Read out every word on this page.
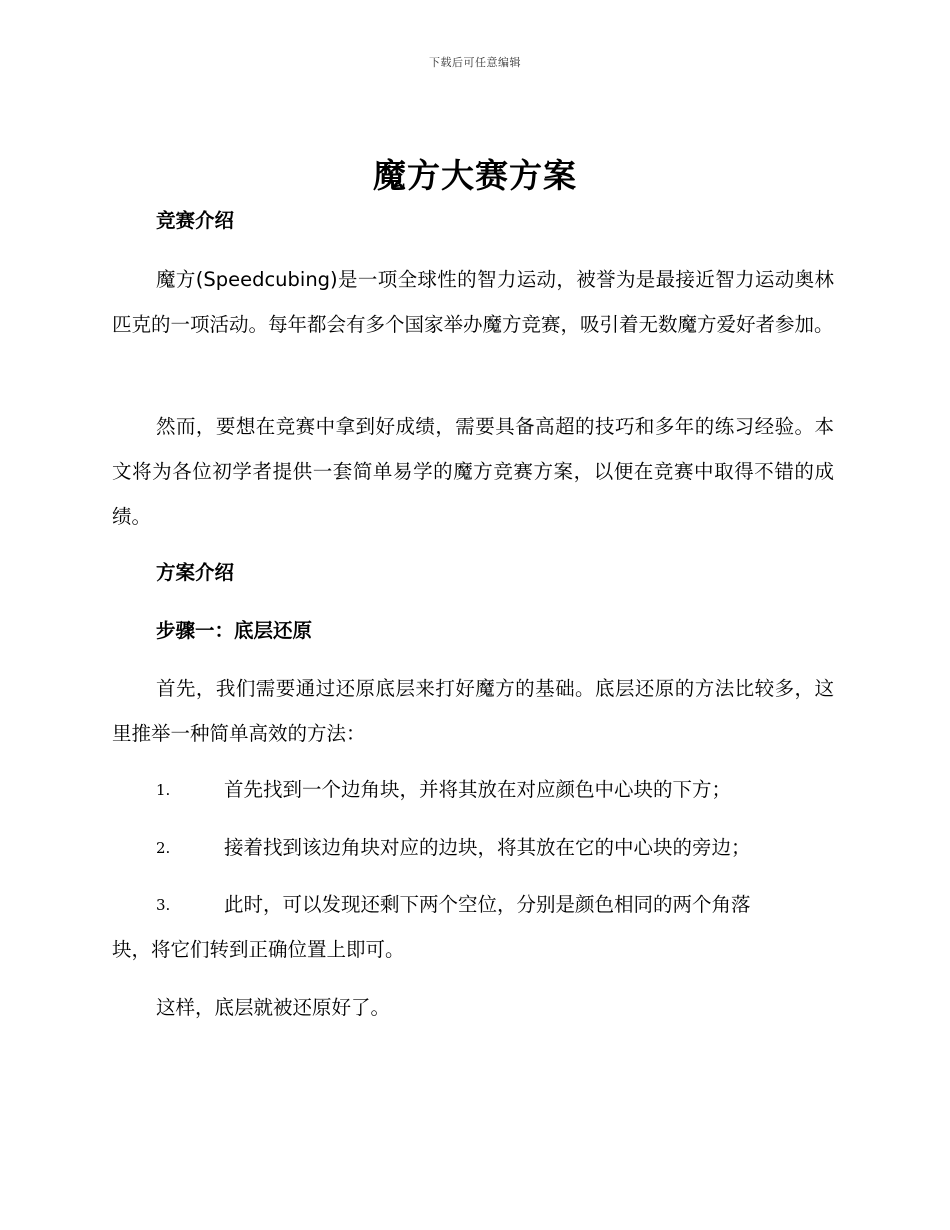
下载后可任意编辑
魔方大赛方案
竞赛介绍
魔方(Speedcubing)是一项全球性的智力运动，被誉为是最接近智力运动奥林匹克的一项活动。每年都会有多个国家举办魔方竞赛，吸引着无数魔方爱好者参加。
然而，要想在竞赛中拿到好成绩，需要具备高超的技巧和多年的练习经验。本文将为各位初学者提供一套简单易学的魔方竞赛方案，以便在竞赛中取得不错的成绩。
方案介绍
步骤一：底层还原
首先，我们需要通过还原底层来打好魔方的基础。底层还原的方法比较多，这里推举一种简单高效的方法：
1.	首先找到一个边角块，并将其放在对应颜色中心块的下方；
2.	接着找到该边角块对应的边块，将其放在它的中心块的旁边；
3.	此时，可以发现还剩下两个空位，分别是颜色相同的两个角落
块，将它们转到正确位置上即可。
这样，底层就被还原好了。
